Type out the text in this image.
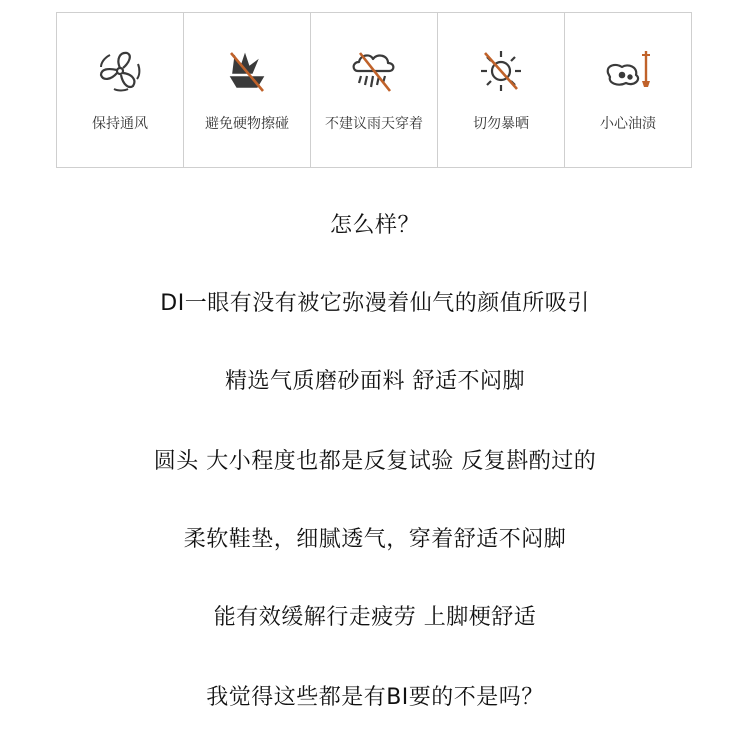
保持通风	避免硬物擦碰	不建议雨天穿着	切勿暴晒	小心油渍
怎么样？
DI一眼有没有被它弥漫着仙气的颜值所吸引
精选气质磨砂面料 舒适不闷脚
圆头 大小程度也都是反复试验 反复斟酌过的
柔软鞋垫，细腻透气，穿着舒适不闷脚
能有效缓解行走疲劳 上脚梗舒适
我觉得这些都是有BI要的不是吗？
